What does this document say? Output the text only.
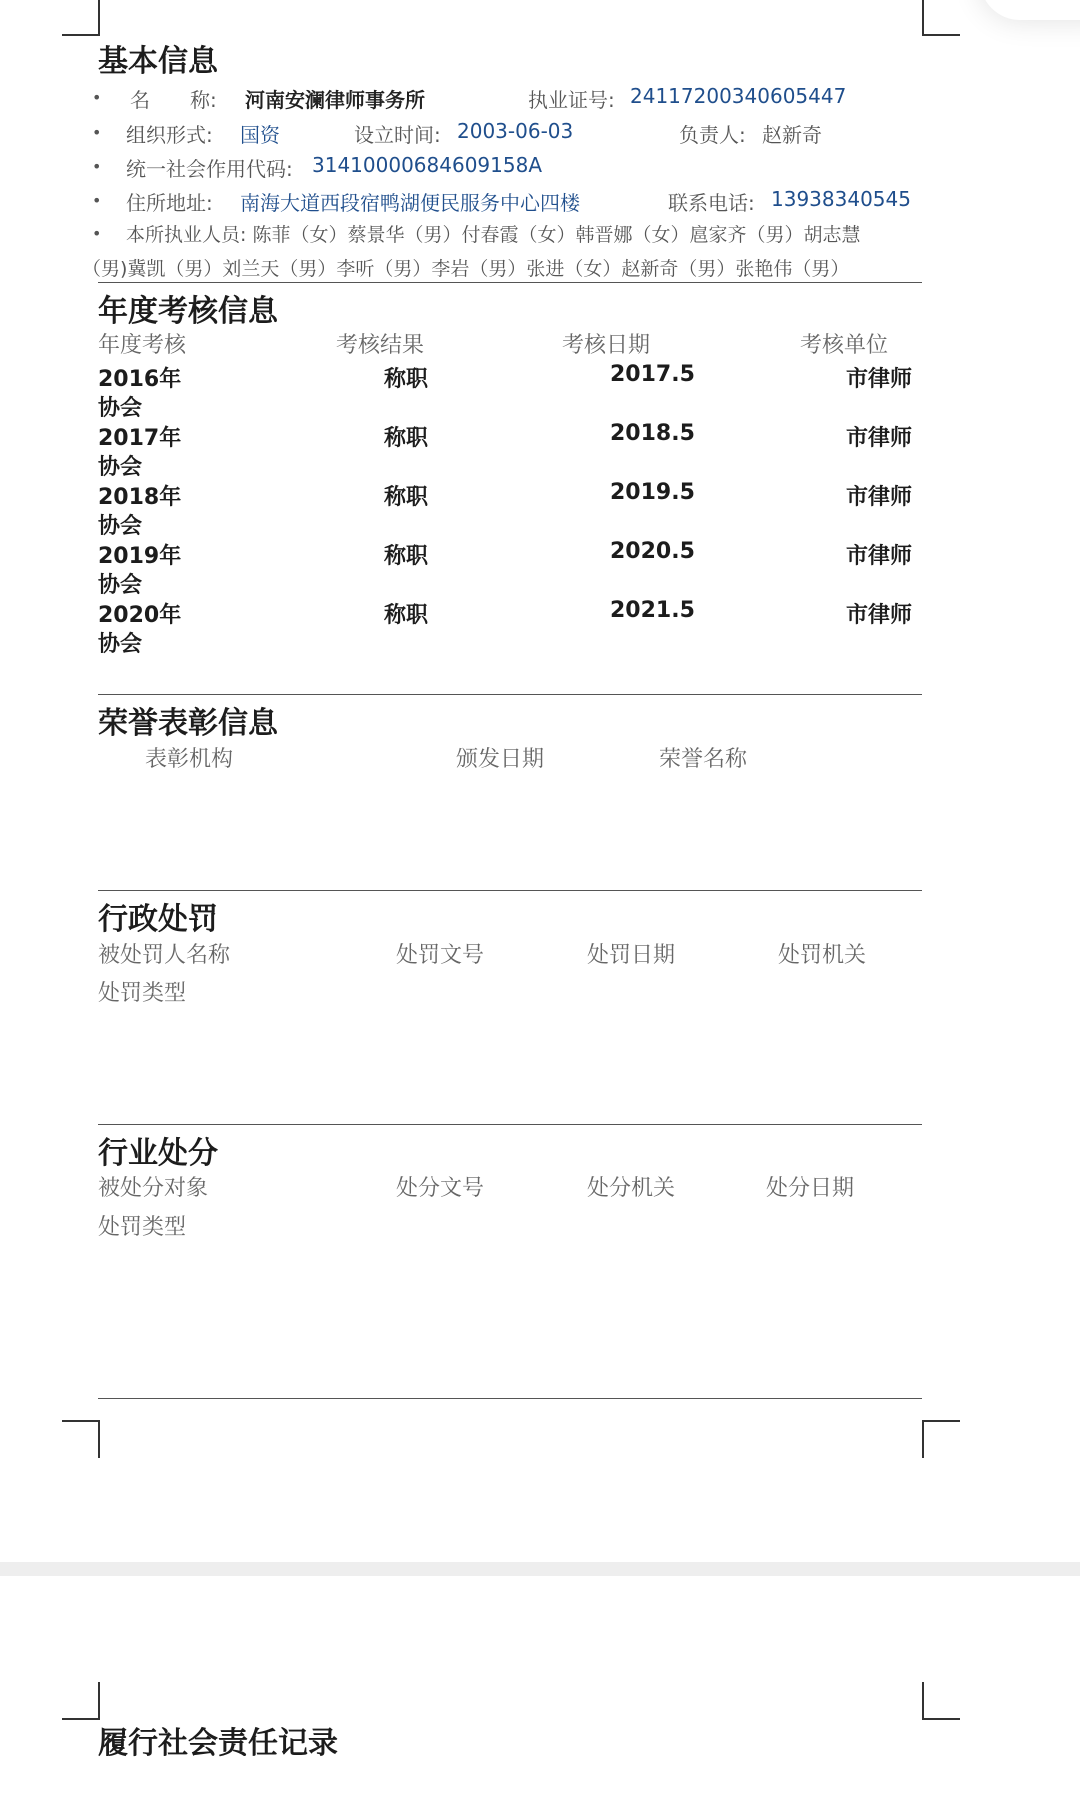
基本信息
• 名　　称: 河南安澜律师事务所	执业证号: 24117200340605447
• 组织形式: 国资	设立时间: 2003-06-03	负责人: 赵新奇
• 统一社会作用代码: 31410000684609158A
• 住所地址: 南海大道西段宿鸭湖便民服务中心四楼	联系电话: 13938340545
• 本所执业人员: 陈菲（女）蔡景华（男）付春霞（女）韩晋娜（女）扈家齐（男）胡志慧
（男)冀凯（男）刘兰天（男）李听（男）李岩（男）张进（女）赵新奇（男）张艳伟（男）
年度考核信息
年度考核	考核结果	考核日期	考核单位
2016年	称职	2017.5	市律师
协会
2017年	称职	2018.5	市律师
协会
2018年	称职	2019.5	市律师
协会
2019年	称职	2020.5	市律师
协会
2020年	称职	2021.5	市律师
协会
荣誉表彰信息
表彰机构	颁发日期	荣誉名称
行政处罚
被处罚人名称	处罚文号	处罚日期	处罚机关
处罚类型
行业处分
被处分对象	处分文号	处分机关	处分日期
处罚类型
履行社会责任记录
